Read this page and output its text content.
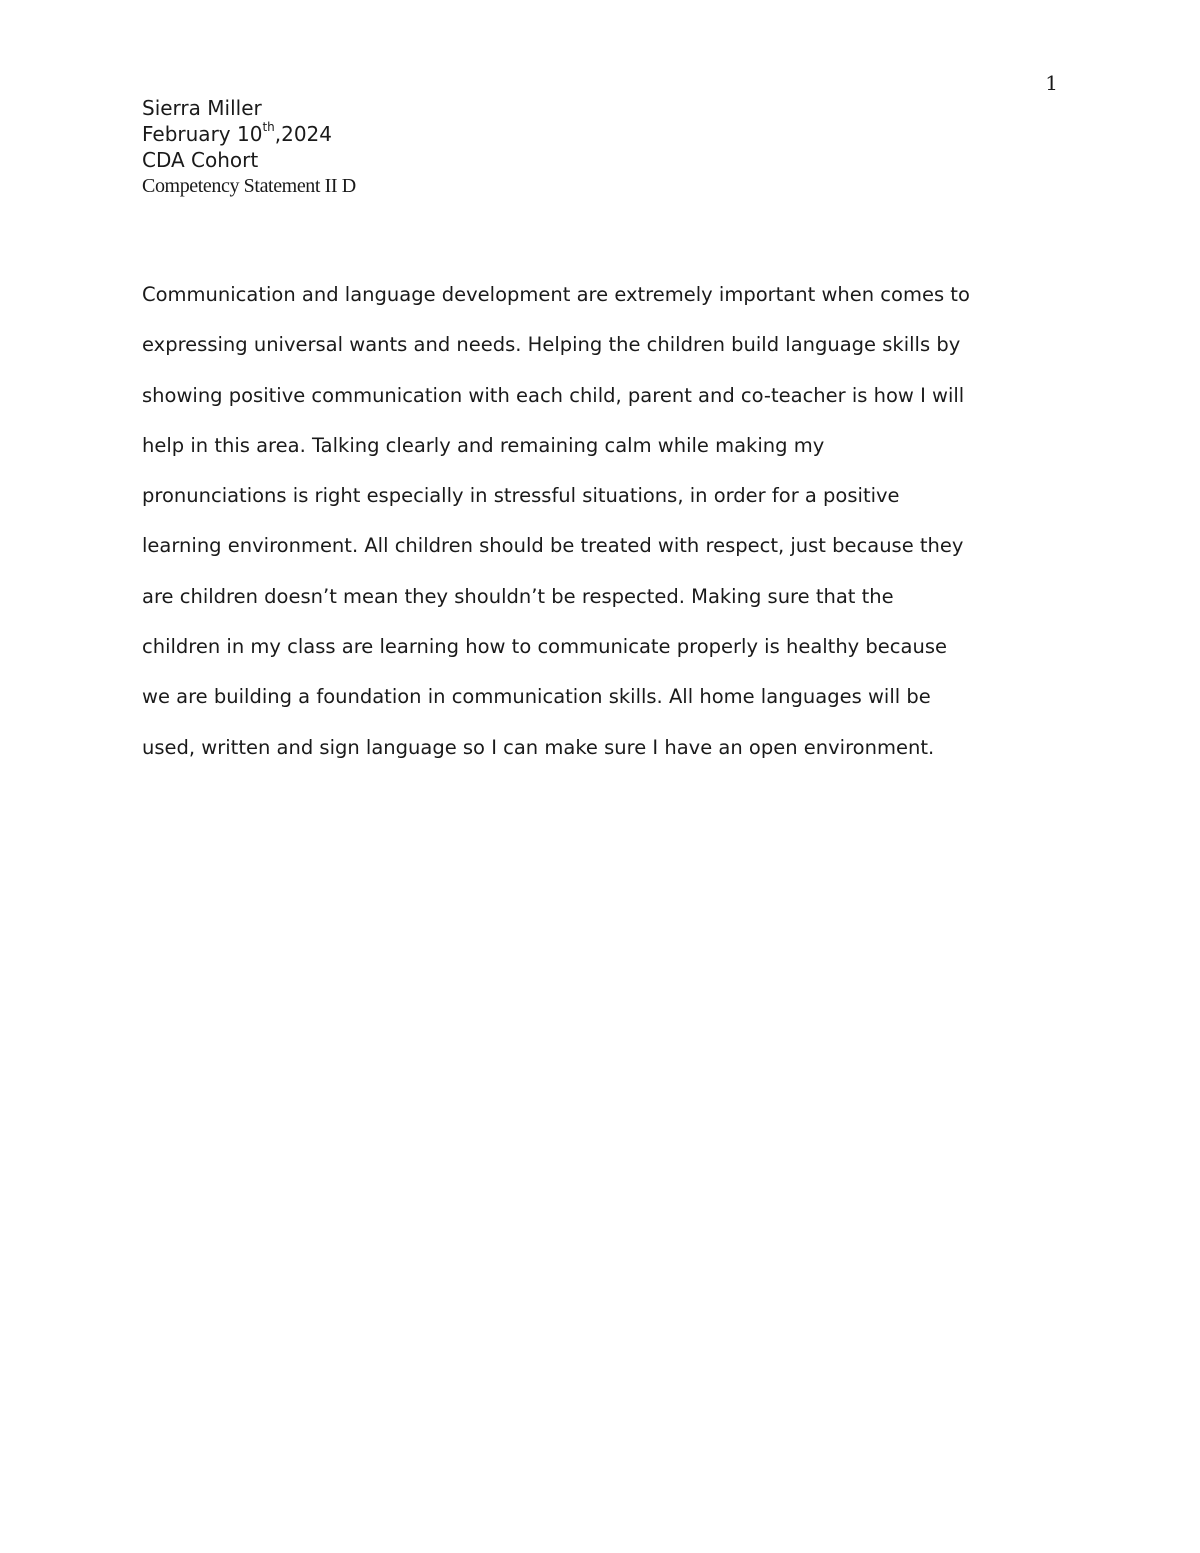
1
Sierra Miller
February 10th,2024
CDA Cohort
Competency Statement II D
Communication and language development are extremely important when comes to
expressing universal wants and needs. Helping the children build language skills by
showing positive communication with each child, parent and co-teacher is how I will
help in this area. Talking clearly and remaining calm while making my
pronunciations is right especially in stressful situations, in order for a positive
learning environment. All children should be treated with respect, just because they
are children doesn’t mean they shouldn’t be respected. Making sure that the
children in my class are learning how to communicate properly is healthy because
we are building a foundation in communication skills. All home languages will be
used, written and sign language so I can make sure I have an open environment.
